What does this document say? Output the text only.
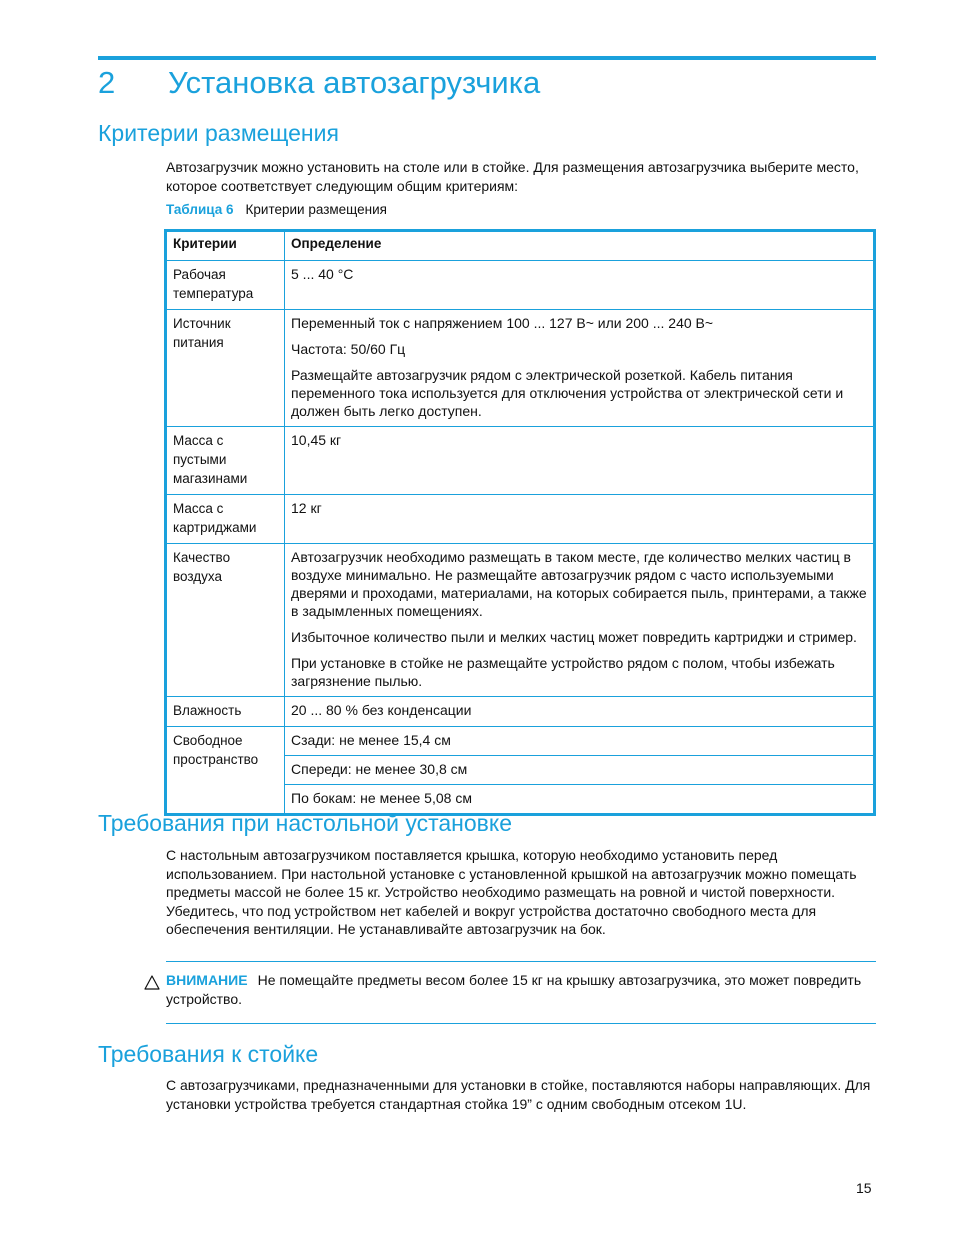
2 Установка автозагрузчика
Критерии размещения

Автозагрузчик можно установить на столе или в стойке. Для размещения автозагрузчика выберите место, которое соответствует следующим общим критериям:

Таблица 6 Критерии размещения
Критерии	Определение
Рабочая температура	5 ... 40 °C

Источник питания	Переменный ток с напряжением 100 ... 127 В~ или 200 ... 240 В~

Частота: 50/60 Гц

Размещайте автозагрузчик рядом с электрической розеткой. Кабель питания переменного тока используется для отключения устройства от электрической сети и должен быть легко доступен.

Масса с пустыми магазинами	10,45 кг

Масса с картриджами	12 кг

Качество воздуха	Автозагрузчик необходимо размещать в таком месте, где количество мелких частиц в воздухе минимально. Не размещайте автозагрузчик рядом с часто используемыми дверями и проходами, материалами, на которых собирается пыль, принтерами, а также в задымленных помещениях.

Избыточное количество пыли и мелких частиц может повредить картриджи и стример.

При установке в стойке не размещайте устройство рядом с полом, чтобы избежать загрязнение пылью.

Влажность	20 ... 80 % без конденсации

Свободное пространство	Сзади: не менее 15,4 см
	Спереди: не менее 30,8 см
	По бокам: не менее 5,08 см
Требования при настольной установке

С настольным автозагрузчиком поставляется крышка, которую необходимо установить перед использованием. При настольной установке с установленной крышкой на автозагрузчик можно помещать предметы массой не более 15 кг. Устройство необходимо размещать на ровной и чистой поверхности. Убедитесь, что под устройством нет кабелей и вокруг устройства достаточно свободного места для обеспечения вентиляции. Не устанавливайте автозагрузчик на бок.

ВНИМАНИЕ Не помещайте предметы весом более 15 кг на крышку автозагрузчика, это может повредить устройство.

Требования к стойке

С автозагрузчиками, предназначенными для установки в стойке, поставляются наборы направляющих. Для установки устройства требуется стандартная стойка 19” с одним свободным отсеком 1U.

15
